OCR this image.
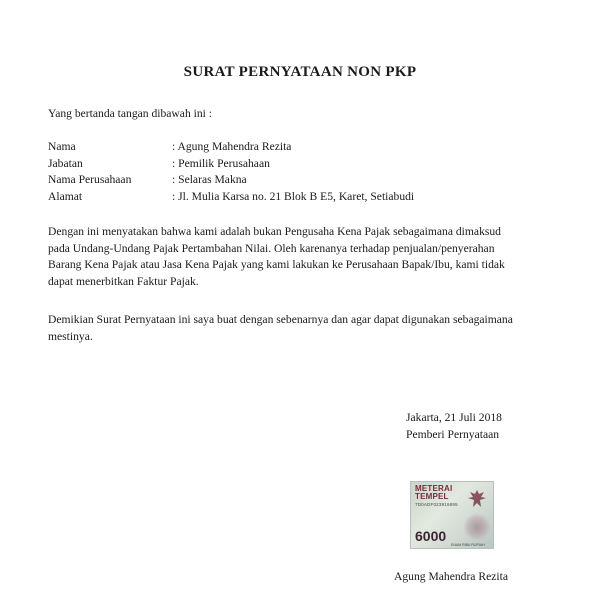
SURAT PERNYATAAN NON PKP
Yang bertanda tangan dibawah ini :
Nama	: Agung Mahendra Rezita
Jabatan	: Pemilik Perusahaan
Nama Perusahaan	: Selaras Makna
Alamat	: Jl. Mulia Karsa no. 21 Blok B E5, Karet, Setiabudi

Dengan ini menyatakan bahwa kami adalah bukan Pengusaha Kena Pajak sebagaimana dimaksud

pada Undang-Undang Pajak Pertambahan Nilai. Oleh karenanya terhadap penjualan/penyerahan

Barang Kena Pajak atau Jasa Kena Pajak yang kami lakukan ke Perusahaan Bapak/Ibu, kami tidak

dapat menerbitkan Faktur Pajak.

Demikian Surat Pernyataan ini saya buat dengan sebenarnya dan agar dapat digunakan sebagaimana

mestinya.

Jakarta, 21 Juli 2018
Pemberi Pernyataan
METERAI
TEMPEL
7D0ADF023916895
6000
ENAM RIBU RUPIAH
Agung Mahendra Rezita
